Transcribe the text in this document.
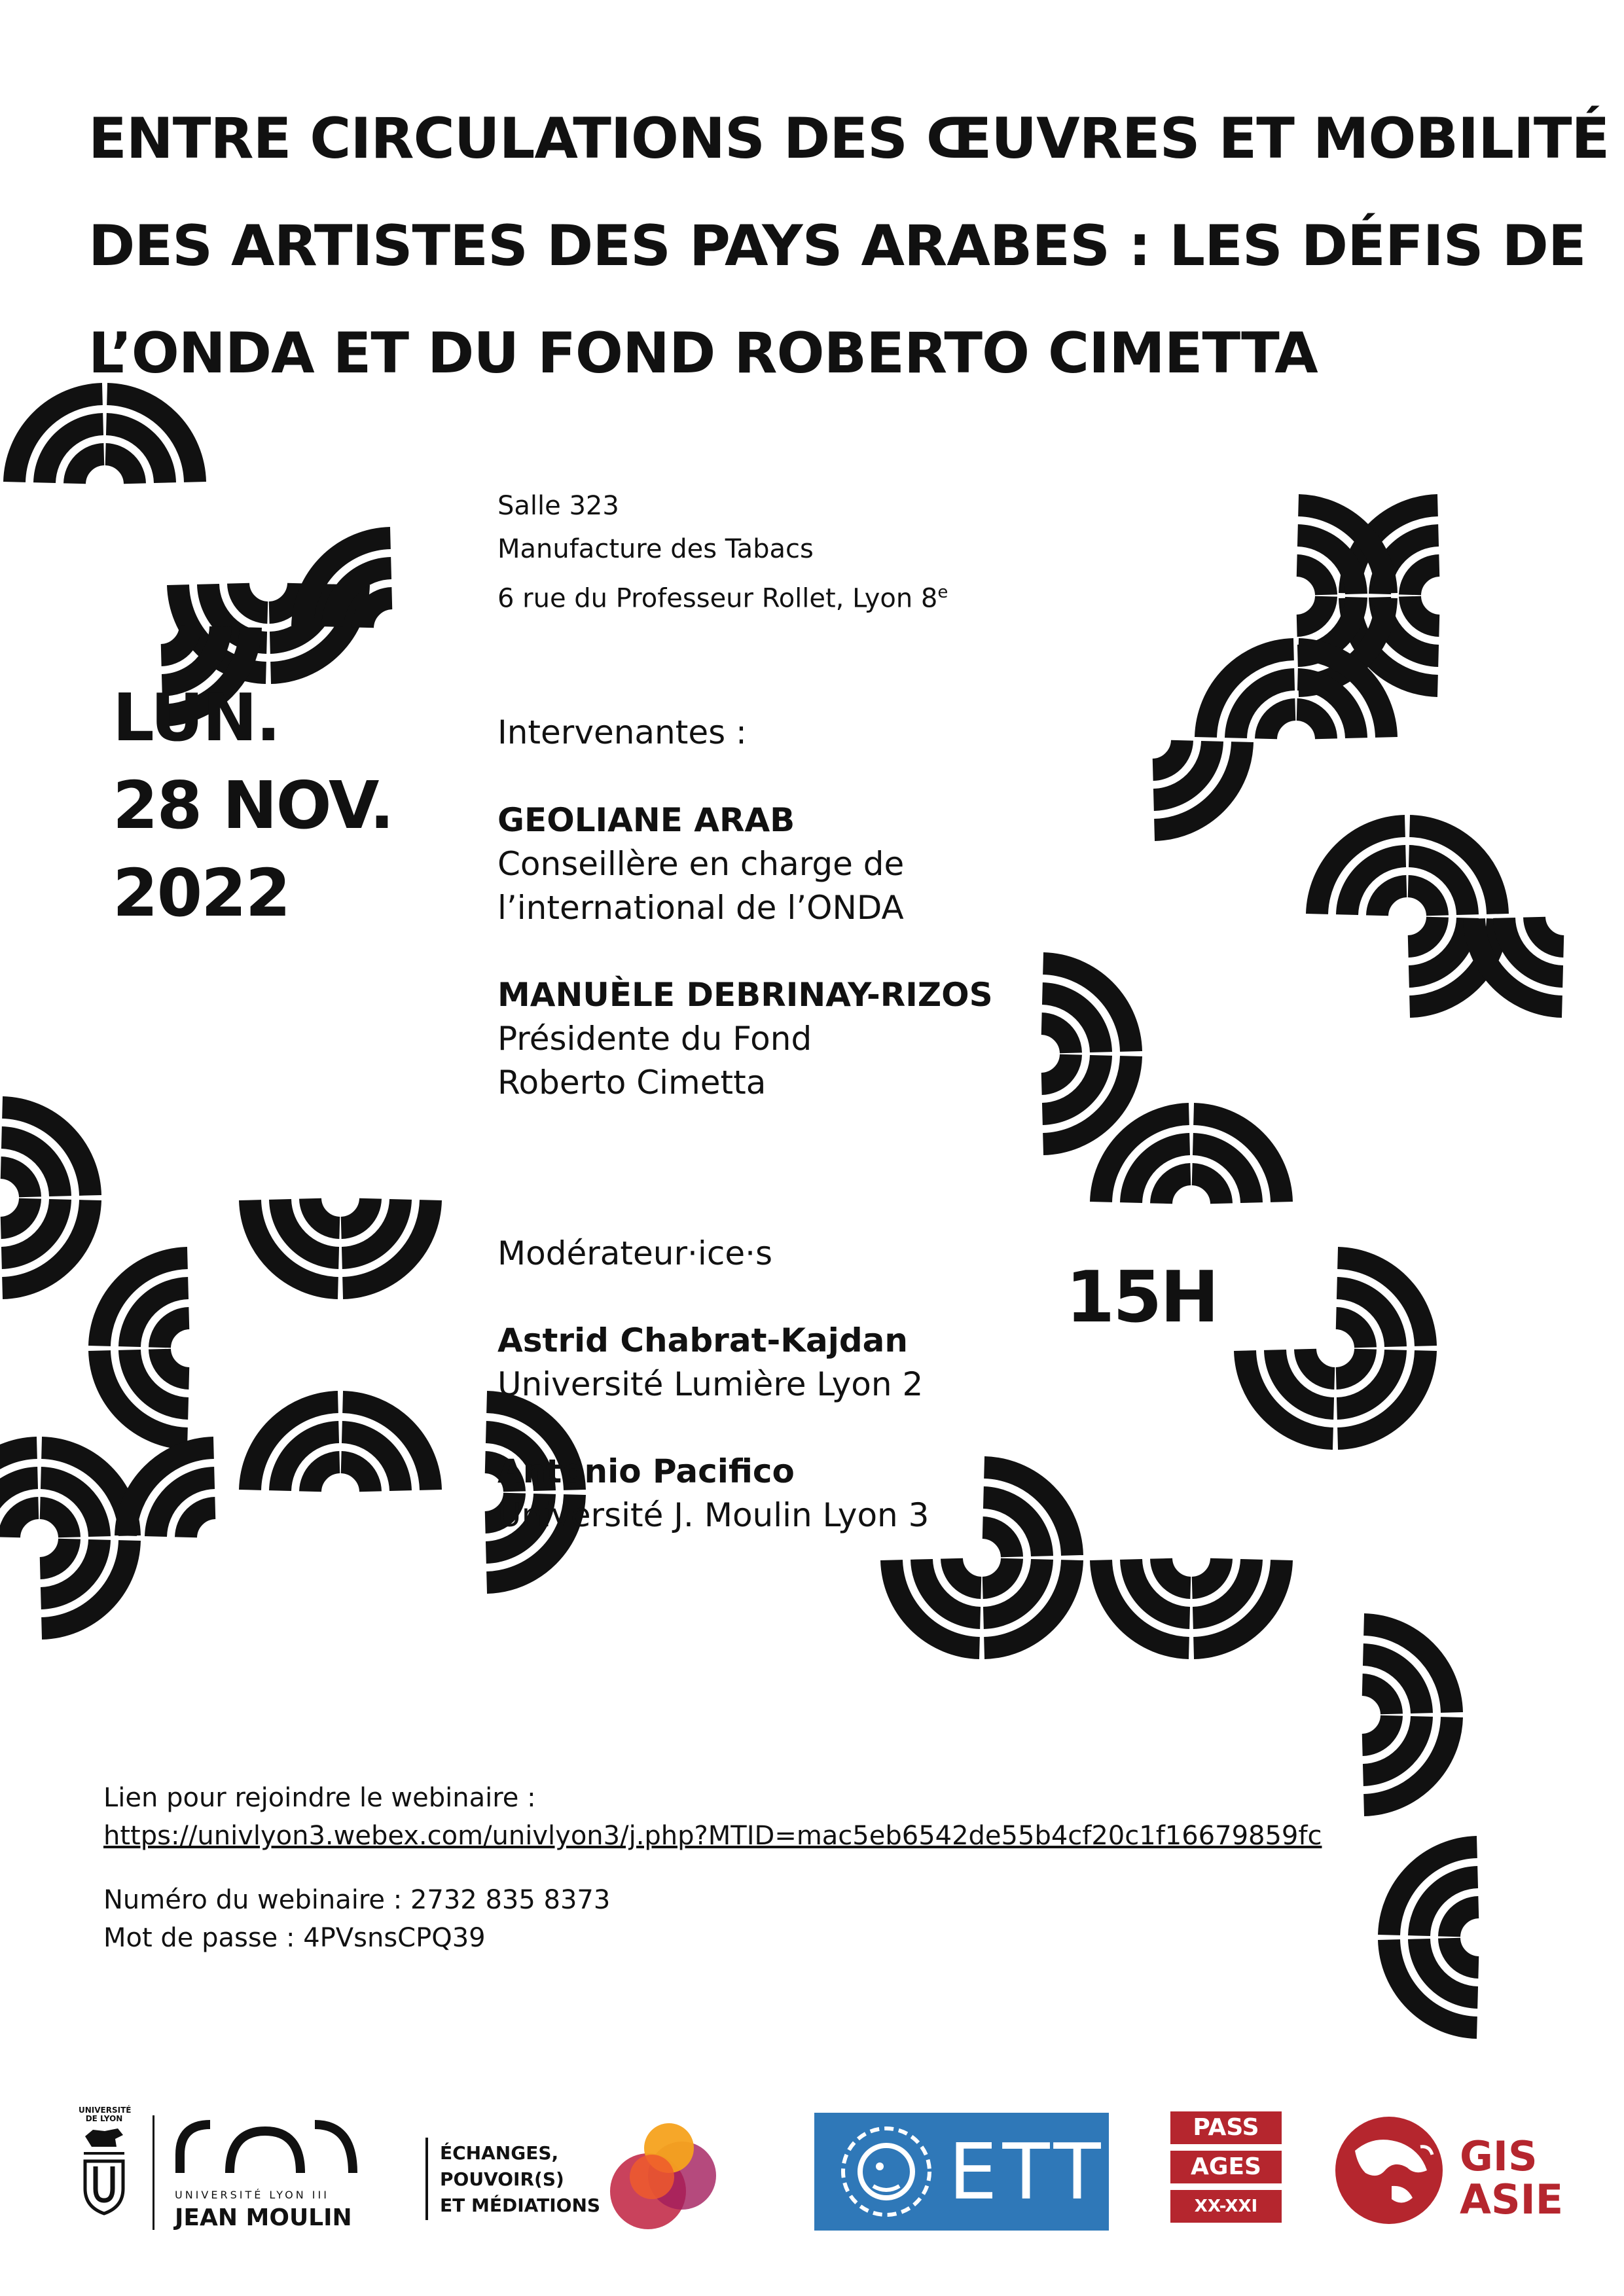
ENTRE CIRCULATIONS DES ŒUVRES ET MOBILITÉ
DES ARTISTES DES PAYS ARABES : LES DÉFIS DE
L’ONDA ET DU FOND ROBERTO CIMETTA
Salle 323
Manufacture des Tabacs
6 rue du Professeur Rollet, Lyon 8e
LUN.
28 NOV.
2022
Intervenantes :
GEOLIANE ARAB
Conseillère en charge de
l’international de l’ONDA
MANUÈLE DEBRINAY-RIZOS
Présidente du Fond
Roberto Cimetta
Modérateur·ice·s
Astrid Chabrat-Kajdan
Université Lumière Lyon 2
Antonio Pacifico
Université J. Moulin Lyon 3
15H
Lien pour rejoindre le webinaire :
https://univlyon3.webex.com/univlyon3/j.php?MTID=mac5eb6542de55b4cf20c1f16679859fc
Numéro du webinaire : 2732 835 8373
Mot de passe : 4PVsnsCPQ39
UNIVERSITÉ
DE LYON
UNIVERSITÉ LYON III
JEAN MOULIN
ÉCHANGES,
POUVOIR(S)
ET MÉDIATIONS	ETT	PASS
AGES
XX-XXI
GIS
ASIE
